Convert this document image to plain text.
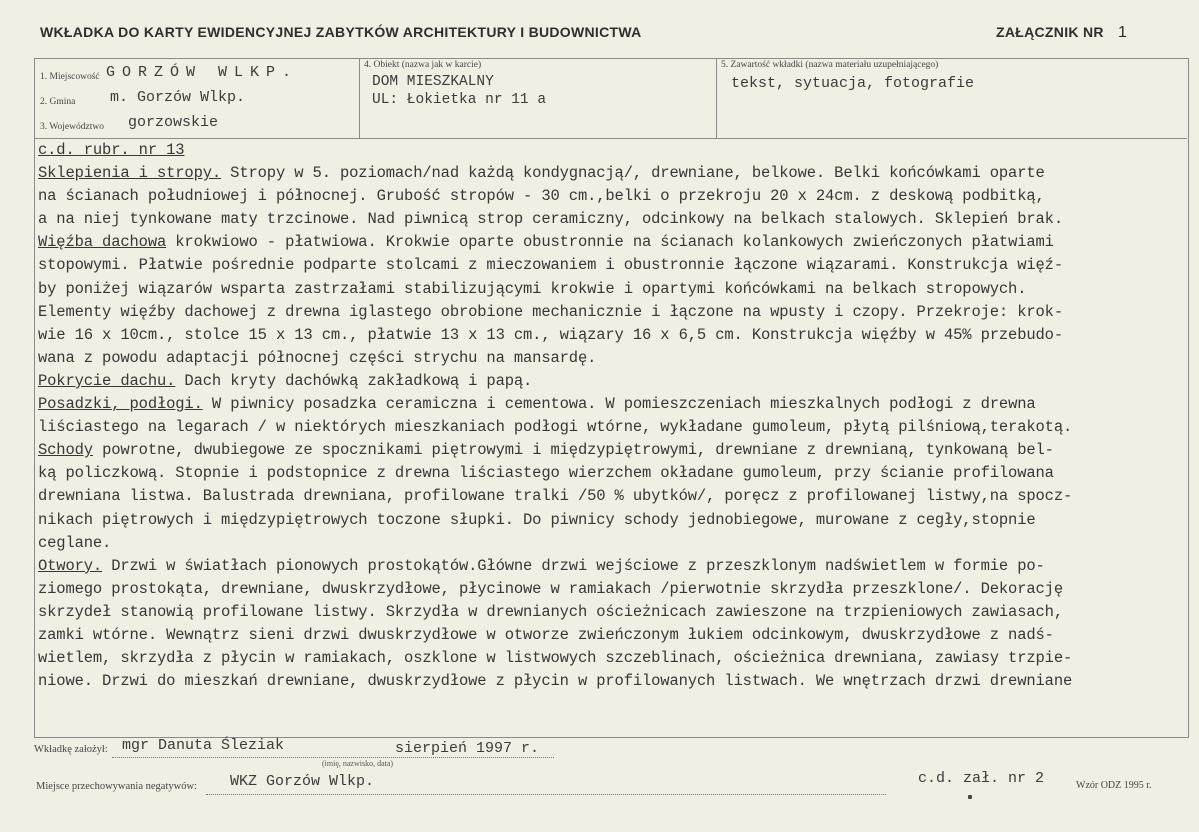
WKŁADKA DO KARTY EWIDENCYJNEJ ZABYTKÓW ARCHITEKTURY I BUDOWNICTWA	ZAŁĄCZNIK NR 1
1. Miejscowość GORZÓW WLKP.
2. Gmina m. Gorzów Wlkp.
3. Województwo gorzowskie
4. Obiekt (nazwa jak w karcie)
DOM MIESZKALNY
UL: Łokietka nr 11 a
5. Zawartość wkładki (nazwa materiału uzupełniającego)
tekst, sytuacja, fotografie
c.d. rubr. nr 13
Sklepienia i stropy. Stropy w 5. poziomach/nad każdą kondygnacją/, drewniane, belkowe. Belki końcówkami oparte
na ścianach południowej i północnej. Grubość stropów - 30 cm.,belki o przekroju 20 x 24cm. z deskową podbitką,
a na niej tynkowane maty trzcinowe. Nad piwnicą strop ceramiczny, odcinkowy na belkach stalowych. Sklepień brak.
Więźba dachowa krokwiowo - płatwiowa. Krokwie oparte obustronnie na ścianach kolankowych zwieńczonych płatwiami
stopowymi. Płatwie pośrednie podparte stolcami z mieczowaniem i obustronnie łączone wiązarami. Konstrukcja więź-
by poniżej wiązarów wsparta zastrzałami stabilizującymi krokwie i opartymi końcówkami na belkach stropowych.
Elementy więźby dachowej z drewna iglastego obrobione mechanicznie i łączone na wpusty i czopy. Przekroje: krok-
wie 16 x 10cm., stolce 15 x 13 cm., płatwie 13 x 13 cm., wiązary 16 x 6,5 cm. Konstrukcja więźby w 45% przebudo-
wana z powodu adaptacji północnej części strychu na mansardę.
Pokrycie dachu. Dach kryty dachówką zakładkową i papą.
Posadzki, podłogi. W piwnicy posadzka ceramiczna i cementowa. W pomieszczeniach mieszkalnych podłogi z drewna
liściastego na legarach / w niektórych mieszkaniach podłogi wtórne, wykładane gumoleum, płytą pilśniową,terakotą.
Schody powrotne, dwubiegowe ze spocznikami piętrowymi i międzypiętrowymi, drewniane z drewnianą, tynkowaną bel-
ką policzkową. Stopnie i podstopnice z drewna liściastego wierzchem okładane gumoleum, przy ścianie profilowana
drewniana listwa. Balustrada drewniana, profilowane tralki /50 % ubytków/, poręcz z profilowanej listwy,na spocz-
nikach piętrowych i międzypiętrowych toczone słupki. Do piwnicy schody jednobiegowe, murowane z cegły,stopnie
ceglane.
Otwory. Drzwi w światłach pionowych prostokątów.Główne drzwi wejściowe z przeszklonym nadświetlem w formie po-
ziomego prostokąta, drewniane, dwuskrzydłowe, płycinowe w ramiakach /pierwotnie skrzydła przeszklone/. Dekorację
skrzydeł stanowią profilowane listwy. Skrzydła w drewnianych ościeżnicach zawieszone na trzpieniowych zawiasach,
zamki wtórne. Wewnątrz sieni drzwi dwuskrzydłowe w otworze zwieńczonym łukiem odcinkowym, dwuskrzydłowe z nadś-
wietlem, skrzydła z płycin w ramiakach, oszklone w listwowych szczeblinach, ościeżnica drewniana, zawiasy trzpie-
niowe. Drzwi do mieszkań drewniane, dwuskrzydłowe z płycin w profilowanych listwach. We wnętrzach drzwi drewniane
Wkładkę założył: mgr Danuta Śleziak	sierpień 1997 r.
(imię, nazwisko, data)
Miejsce przechowywania negatywów: WKZ Gorzów Wlkp.	c.d. zał. nr 2	Wzór ODZ 1995 r.
